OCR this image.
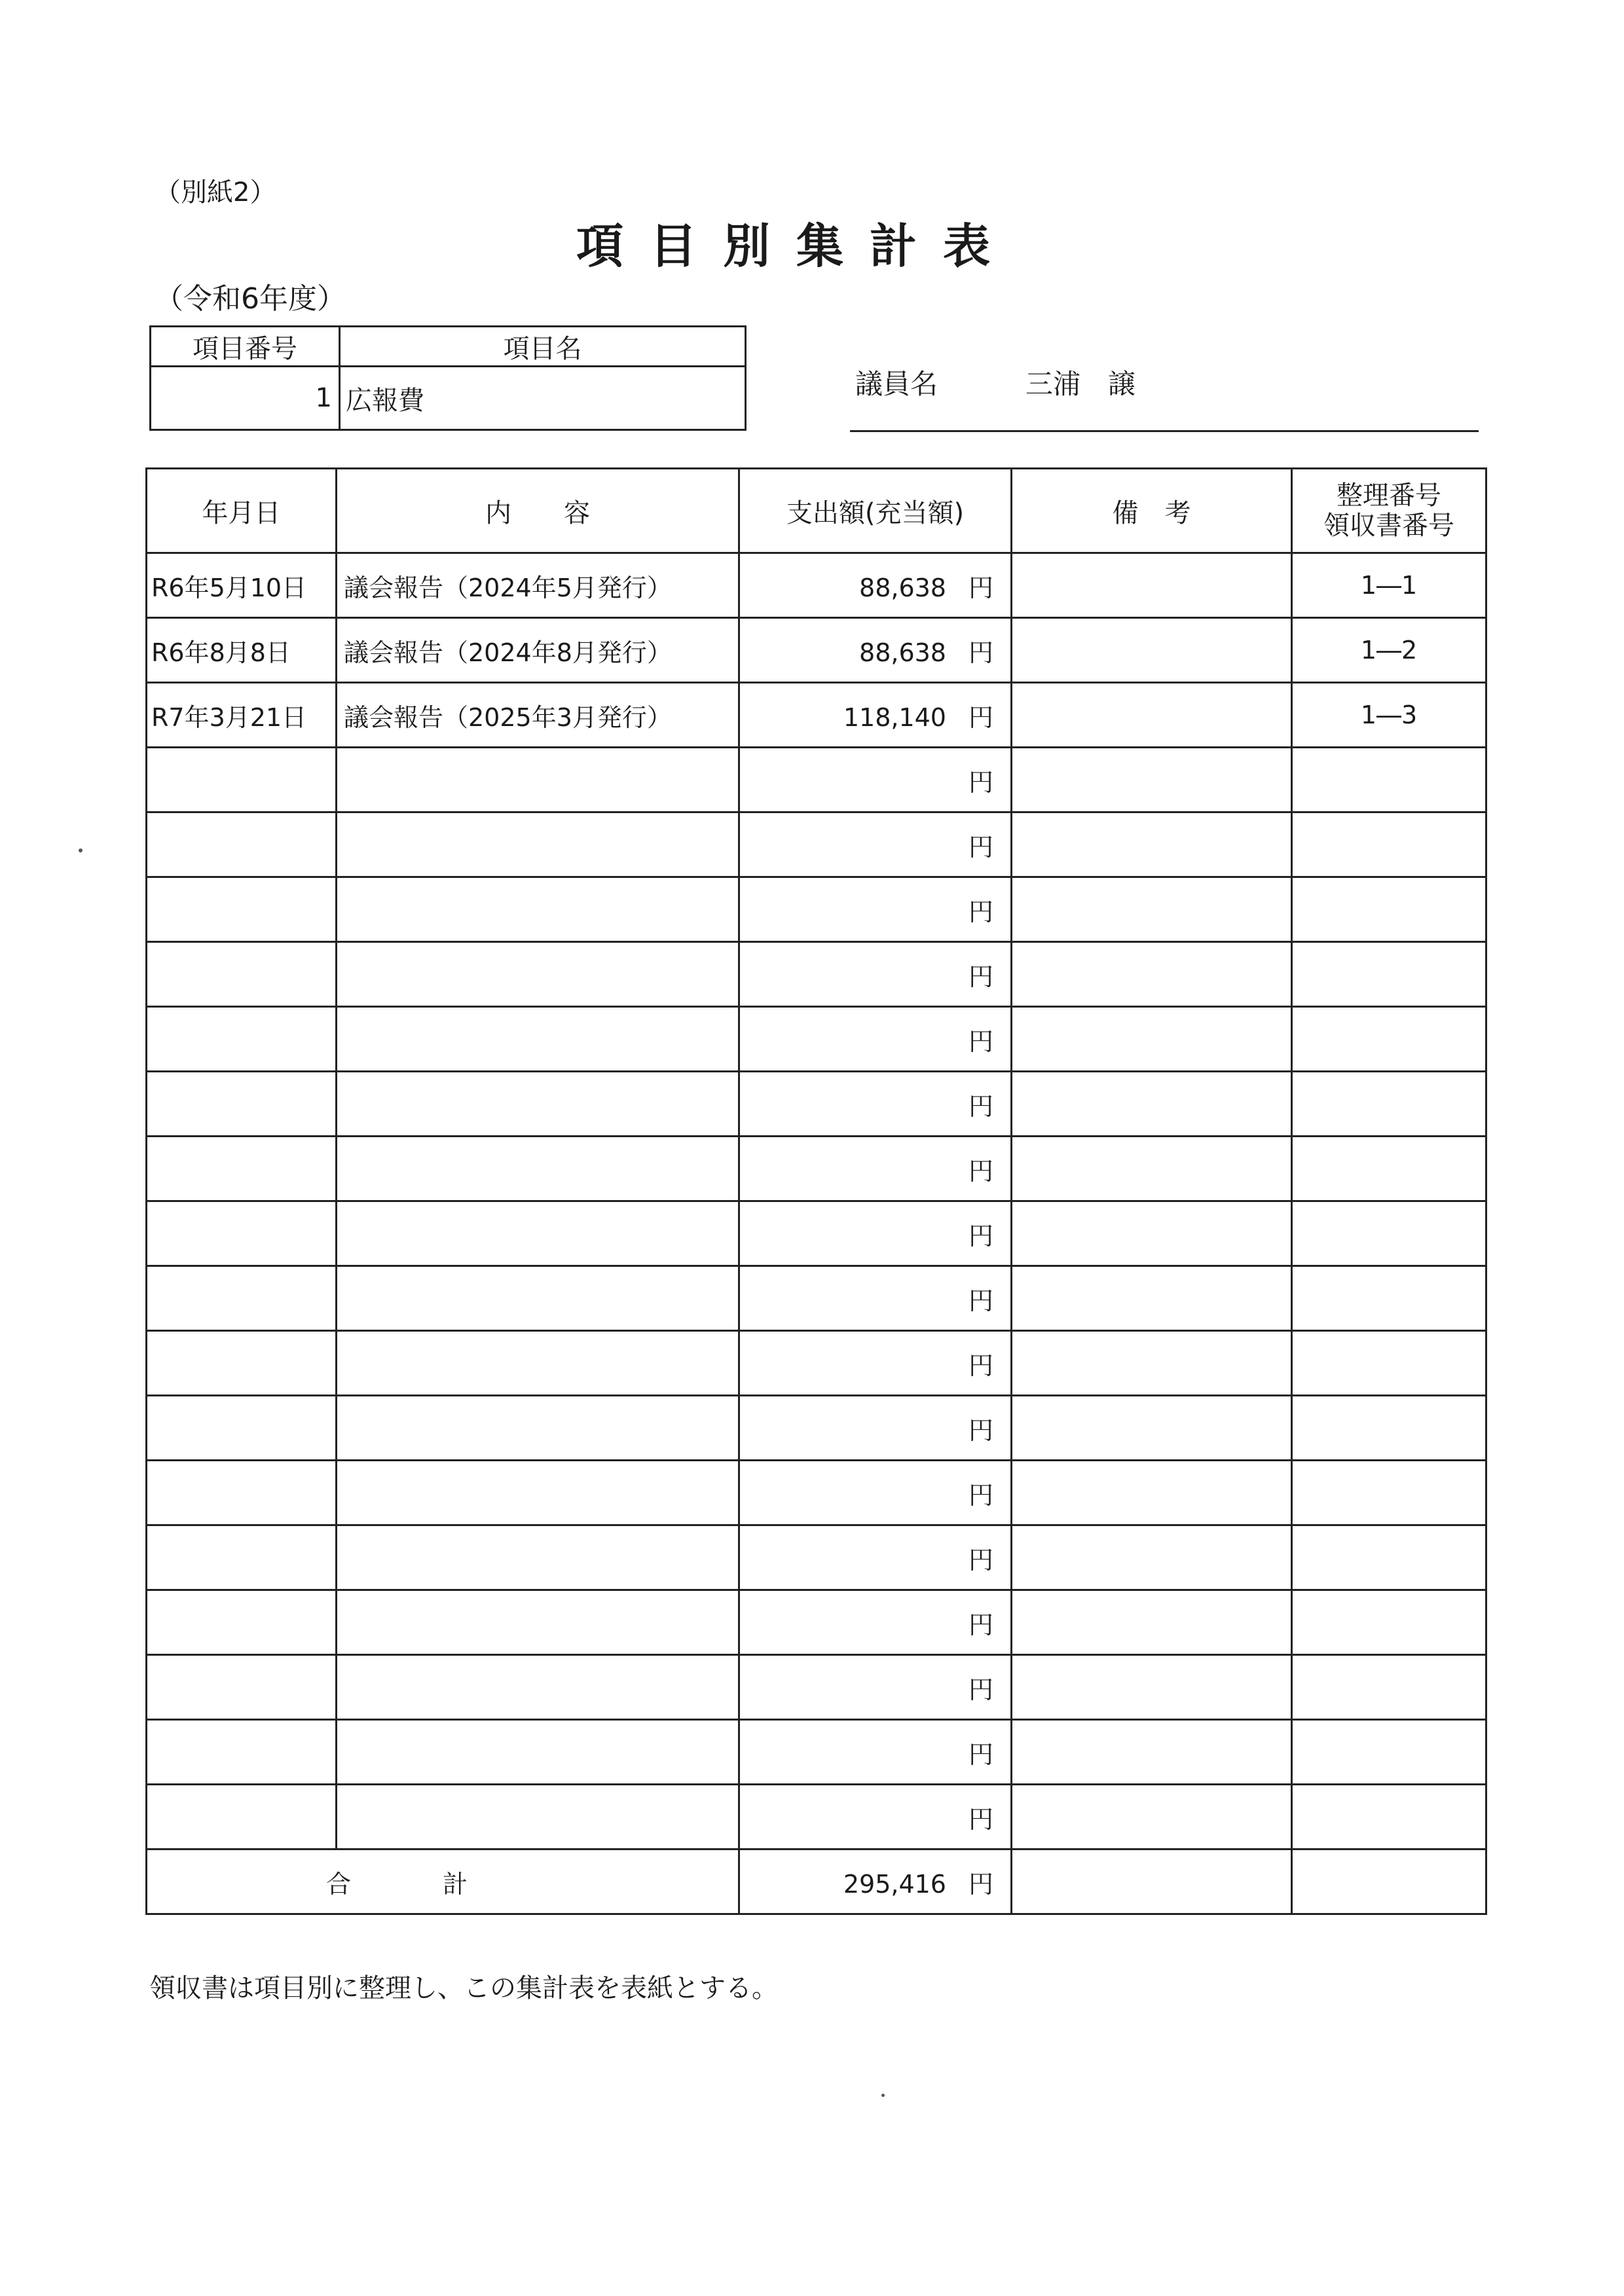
（別紙2）
項目別集計表
（令和6年度）
項目番号	項目名
1	広報費
議員名	三浦　譲
年月日	内　　容	支出額(充当額)	備　考	整理番号
領収書番号

R6年5月10日	議会報告（2024年5月発行）	88,638 円		1―1
R6年8月8日	議会報告（2024年8月発行）	88,638 円		1―2
R7年3月21日	議会報告（2025年3月発行）	118,140 円		1―3
		円		
		円		
		円		
		円		
		円		
		円		
		円		
		円		
		円		
		円		
		円		
		円		
		円		
		円		
		円		
		円		
		円		
合計		295,416 円		
領収書は項目別に整理し、この集計表を表紙とする。
